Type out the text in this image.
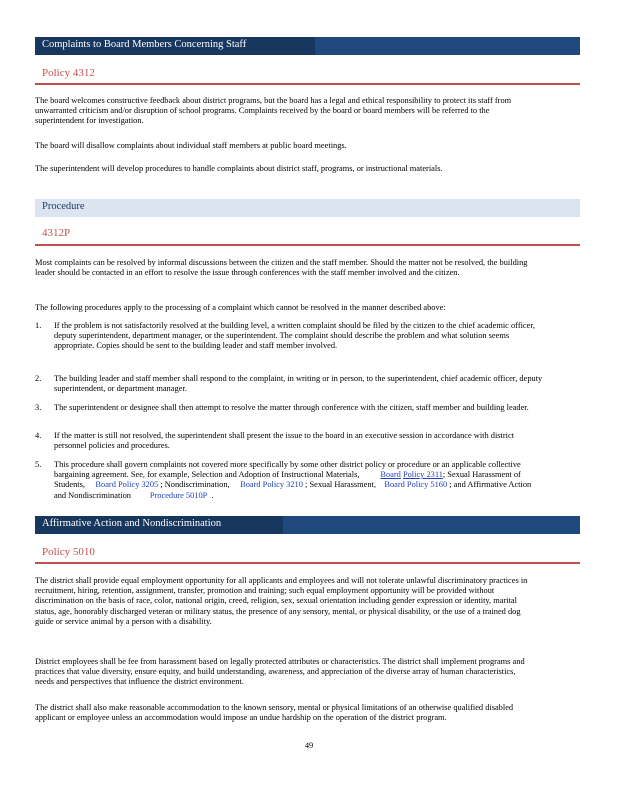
Complaints to Board Members Concerning Staff
Policy 4312
The board welcomes constructive feedback about district programs, but the board has a legal and ethical responsibility to protect its staff from unwarranted criticism and/or disruption of school programs. Complaints received by the board or board members will be referred to the superintendent for investigation.
The board will disallow complaints about individual staff members at public board meetings.
The superintendent will develop procedures to handle complaints about district staff, programs, or instructional materials.
Procedure
4312P
Most complaints can be resolved by informal discussions between the citizen and the staff member. Should the matter not be resolved, the building leader should be contacted in an effort to resolve the issue through conferences with the staff member involved and the citizen.
The following procedures apply to the processing of a complaint which cannot be resolved in the manner described above:
1. If the problem is not satisfactorily resolved at the building level, a written complaint should be filed by the citizen to the chief academic officer, deputy superintendent, department manager, or the superintendent. The complaint should describe the problem and what solution seems appropriate. Copies should be sent to the building leader and staff member involved.
2. The building leader and staff member shall respond to the complaint, in writing or in person, to the superintendent, chief academic officer, deputy superintendent, or department manager.
3. The superintendent or designee shall then attempt to resolve the matter through conference with the citizen, staff member and building leader.
4. If the matter is still not resolved, the superintendent shall present the issue to the board in an executive session in accordance with district personnel policies and procedures.
5. This procedure shall govern complaints not covered more specifically by some other district policy or procedure or an applicable collective bargaining agreement. See, for example, Selection and Adoption of Instructional Materials, Board Policy 2311; Sexual Harassment of Students, Board Policy 3205 ; Nondiscrimination, Board Policy 3210 ; Sexual Harassment, Board Policy 5160 ; and Affirmative Action and Nondiscrimination Procedure 5010P .
Affirmative Action and Nondiscrimination
Policy 5010
The district shall provide equal employment opportunity for all applicants and employees and will not tolerate unlawful discriminatory practices in recruitment, hiring, retention, assignment, transfer, promotion and training; such equal employment opportunity will be provided without discrimination on the basis of race, color, national origin, creed, religion, sex, sexual orientation including gender expression or identity, marital status, age, honorably discharged veteran or military status, the presence of any sensory, mental, or physical disability, or the use of a trained dog guide or service animal by a person with a disability.
District employees shall be fee from harassment based on legally protected attributes or characteristics. The district shall implement programs and practices that value diversity, ensure equity, and build understanding, awareness, and appreciation of the diverse array of human characteristics, needs and perspectives that influence the district environment.
The district shall also make reasonable accommodation to the known sensory, mental or physical limitations of an otherwise qualified disabled applicant or employee unless an accommodation would impose an undue hardship on the operation of the district program.
49
